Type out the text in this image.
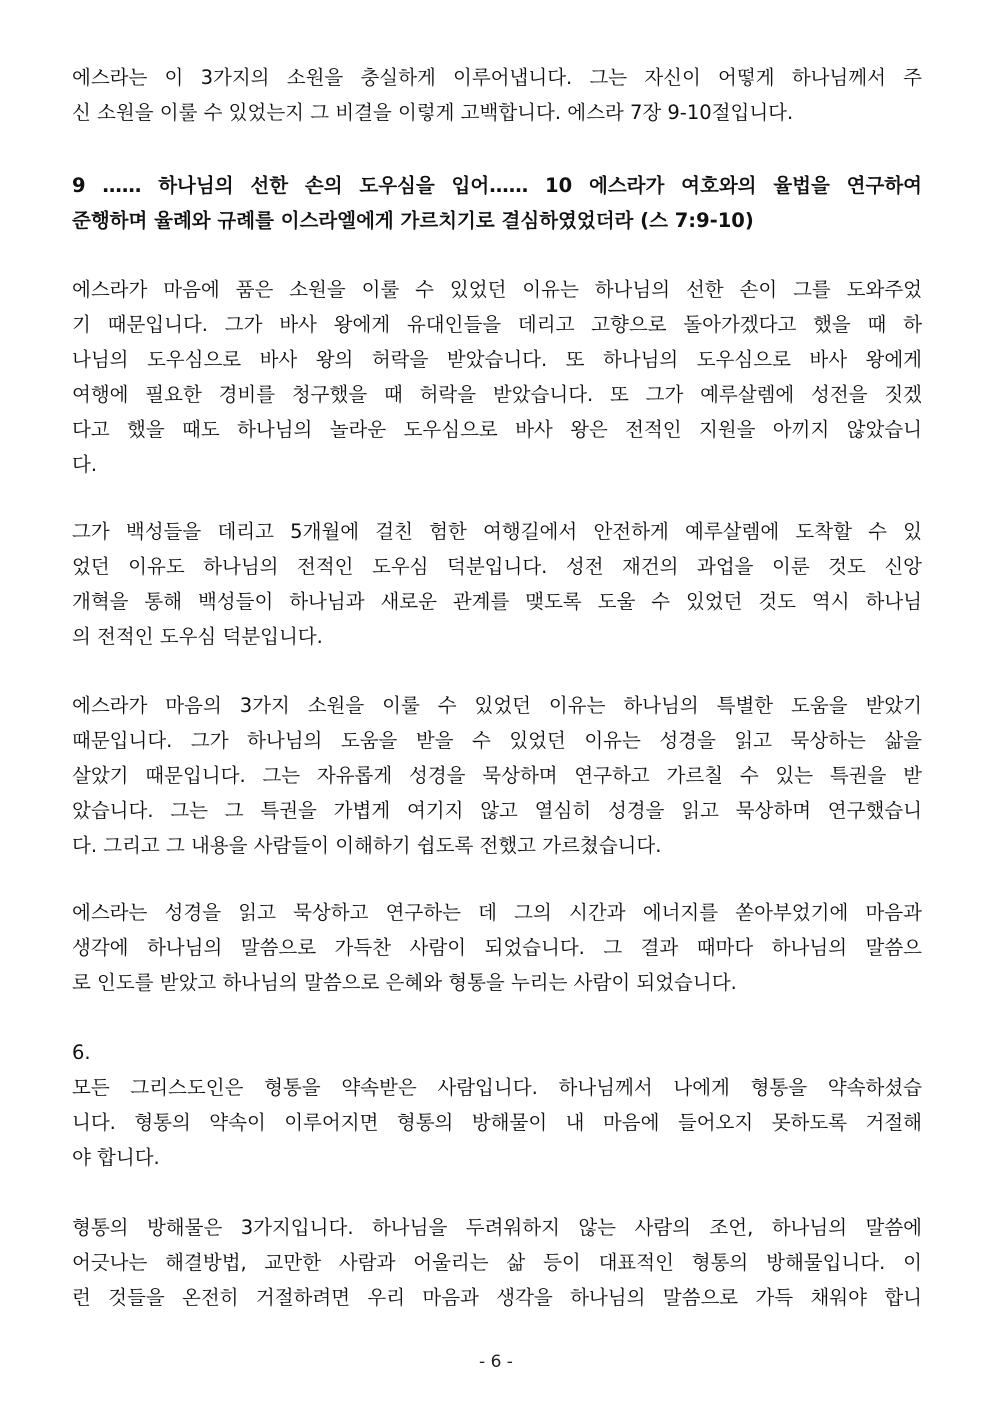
에스라는 이 3가지의 소원을 충실하게 이루어냅니다. 그는 자신이 어떻게 하나님께서 주
신 소원을 이룰 수 있었는지 그 비결을 이렇게 고백합니다. 에스라 7장 9-10절입니다.
9 …… 하나님의 선한 손의 도우심을 입어…… 10 에스라가 여호와의 율법을 연구하여
준행하며 율례와 규례를 이스라엘에게 가르치기로 결심하였었더라 (스 7:9-10)
에스라가 마음에 품은 소원을 이룰 수 있었던 이유는 하나님의 선한 손이 그를 도와주었
기 때문입니다. 그가 바사 왕에게 유대인들을 데리고 고향으로 돌아가겠다고 했을 때 하
나님의 도우심으로 바사 왕의 허락을 받았습니다. 또 하나님의 도우심으로 바사 왕에게
여행에 필요한 경비를 청구했을 때 허락을 받았습니다. 또 그가 예루살렘에 성전을 짓겠
다고 했을 때도 하나님의 놀라운 도우심으로 바사 왕은 전적인 지원을 아끼지 않았습니
다.
그가 백성들을 데리고 5개월에 걸친 험한 여행길에서 안전하게 예루살렘에 도착할 수 있
었던 이유도 하나님의 전적인 도우심 덕분입니다. 성전 재건의 과업을 이룬 것도 신앙
개혁을 통해 백성들이 하나님과 새로운 관계를 맺도록 도울 수 있었던 것도 역시 하나님
의 전적인 도우심 덕분입니다.
에스라가 마음의 3가지 소원을 이룰 수 있었던 이유는 하나님의 특별한 도움을 받았기
때문입니다. 그가 하나님의 도움을 받을 수 있었던 이유는 성경을 읽고 묵상하는 삶을
살았기 때문입니다. 그는 자유롭게 성경을 묵상하며 연구하고 가르칠 수 있는 특권을 받
았습니다. 그는 그 특권을 가볍게 여기지 않고 열심히 성경을 읽고 묵상하며 연구했습니
다. 그리고 그 내용을 사람들이 이해하기 쉽도록 전했고 가르쳤습니다.
에스라는 성경을 읽고 묵상하고 연구하는 데 그의 시간과 에너지를 쏟아부었기에 마음과
생각에 하나님의 말씀으로 가득찬 사람이 되었습니다. 그 결과 때마다 하나님의 말씀으
로 인도를 받았고 하나님의 말씀으로 은혜와 형통을 누리는 사람이 되었습니다.
6.
모든 그리스도인은 형통을 약속받은 사람입니다. 하나님께서 나에게 형통을 약속하셨습
니다. 형통의 약속이 이루어지면 형통의 방해물이 내 마음에 들어오지 못하도록 거절해
야 합니다.
형통의 방해물은 3가지입니다. 하나님을 두려워하지 않는 사람의 조언, 하나님의 말씀에
어긋나는 해결방법, 교만한 사람과 어울리는 삶 등이 대표적인 형통의 방해물입니다. 이
런 것들을 온전히 거절하려면 우리 마음과 생각을 하나님의 말씀으로 가득 채워야 합니
- 6 -
